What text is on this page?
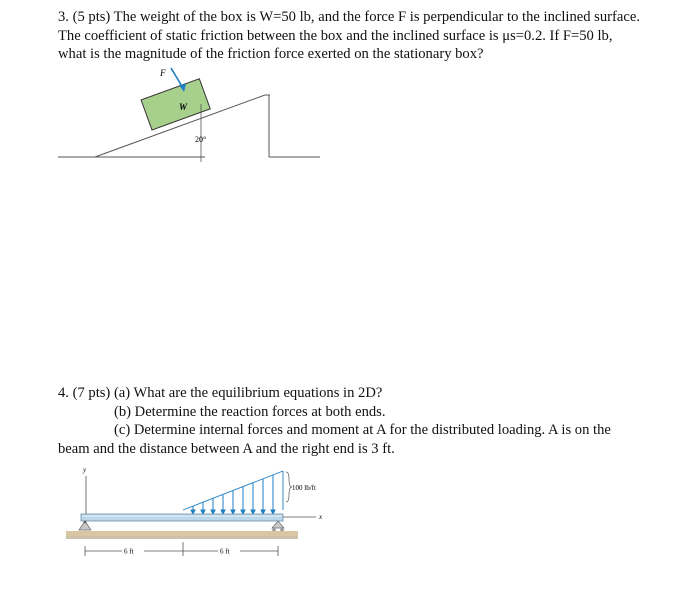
3. (5 pts) The weight of the box is W=50 lb, and the force F is perpendicular to the inclined surface.
The coefficient of static friction between the box and the inclined surface is μs=0.2. If F=50 lb,
what is the magnitude of the friction force exerted on the stationary box?
W
20°
F
4. (7 pts) (a) What are the equilibrium equations in 2D?
(b) Determine the reaction forces at both ends.
(c) Determine internal forces and moment at A for the distributed loading. A is on the
beam and the distance between A and the right end is 3 ft.
y
100 lb/ft
x
6 ft	6 ft
